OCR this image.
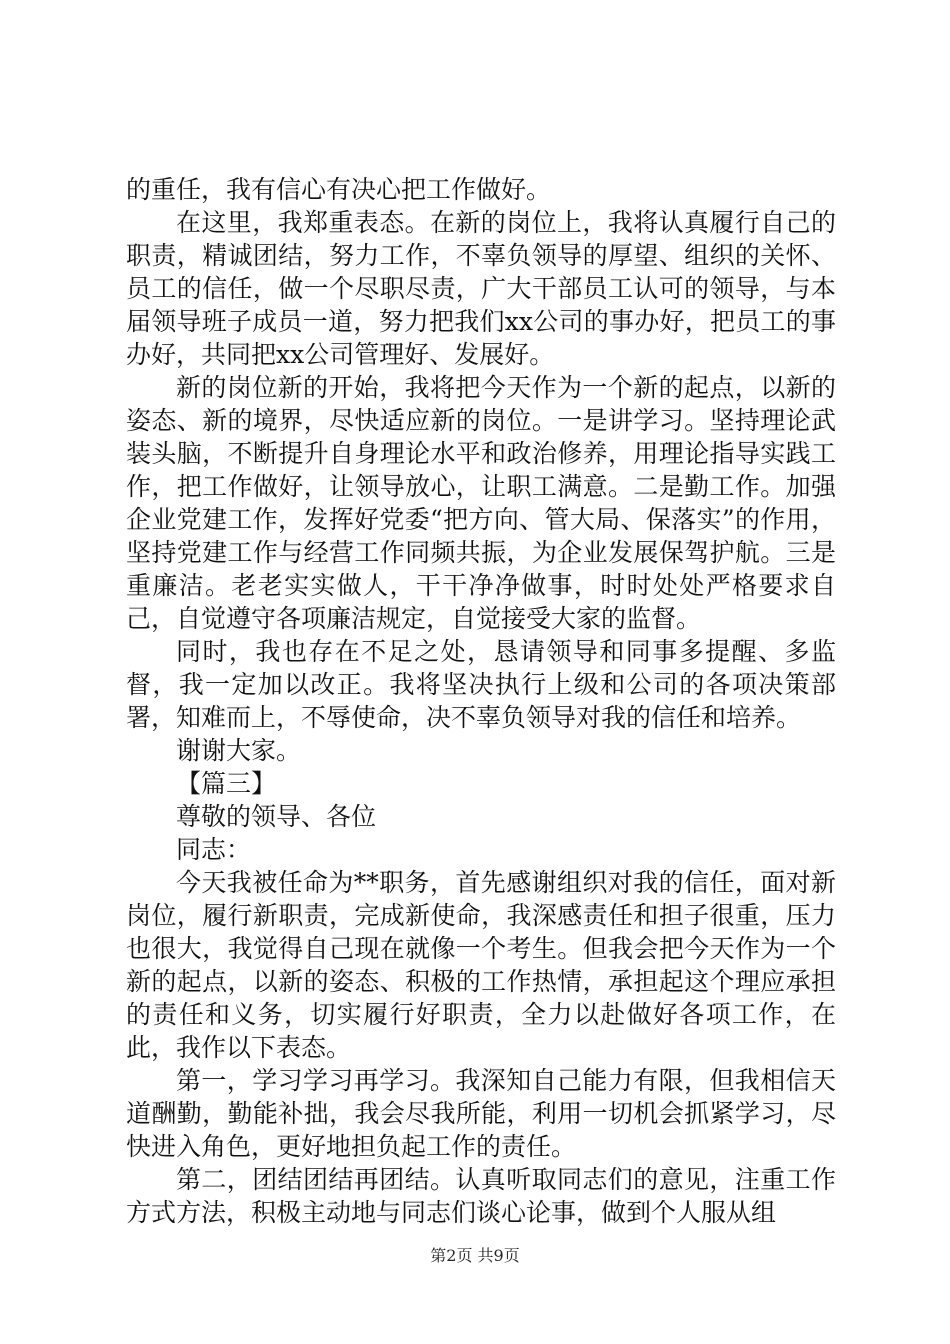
的重任，我有信心有决心把工作做好。

在这里，我郑重表态。在新的岗位上，我将认真履行自己的职责，精诚团结，努力工作，不辜负领导的厚望、组织的关怀、员工的信任，做一个尽职尽责，广大干部员工认可的领导，与本届领导班子成员一道，努力把我们xx公司的事办好，把员工的事办好，共同把xx公司管理好、发展好。

新的岗位新的开始，我将把今天作为一个新的起点，以新的姿态、新的境界，尽快适应新的岗位。一是讲学习。坚持理论武装头脑，不断提升自身理论水平和政治修养，用理论指导实践工作，把工作做好，让领导放心，让职工满意。二是勤工作。加强企业党建工作，发挥好党委“把方向、管大局、保落实”的作用，坚持党建工作与经营工作同频共振，为企业发展保驾护航。三是重廉洁。老老实实做人，干干净净做事，时时处处严格要求自己，自觉遵守各项廉洁规定，自觉接受大家的监督。

同时，我也存在不足之处，恳请领导和同事多提醒、多监督，我一定加以改正。我将坚决执行上级和公司的各项决策部署，知难而上，不辱使命，决不辜负领导对我的信任和培养。

谢谢大家。

【篇三】

尊敬的领导、各位

同志：

今天我被任命为**职务，首先感谢组织对我的信任，面对新岗位，履行新职责，完成新使命，我深感责任和担子很重，压力也很大，我觉得自己现在就像一个考生。但我会把今天作为一个新的起点，以新的姿态、积极的工作热情，承担起这个理应承担的责任和义务，切实履行好职责，全力以赴做好各项工作，在此，我作以下表态。

第一，学习学习再学习。我深知自己能力有限，但我相信天道酬勤，勤能补拙，我会尽我所能，利用一切机会抓紧学习，尽快进入角色，更好地担负起工作的责任。

第二，团结团结再团结。认真听取同志们的意见，注重工作方式方法，积极主动地与同志们谈心论事，做到个人服从组

第2页 共9页
